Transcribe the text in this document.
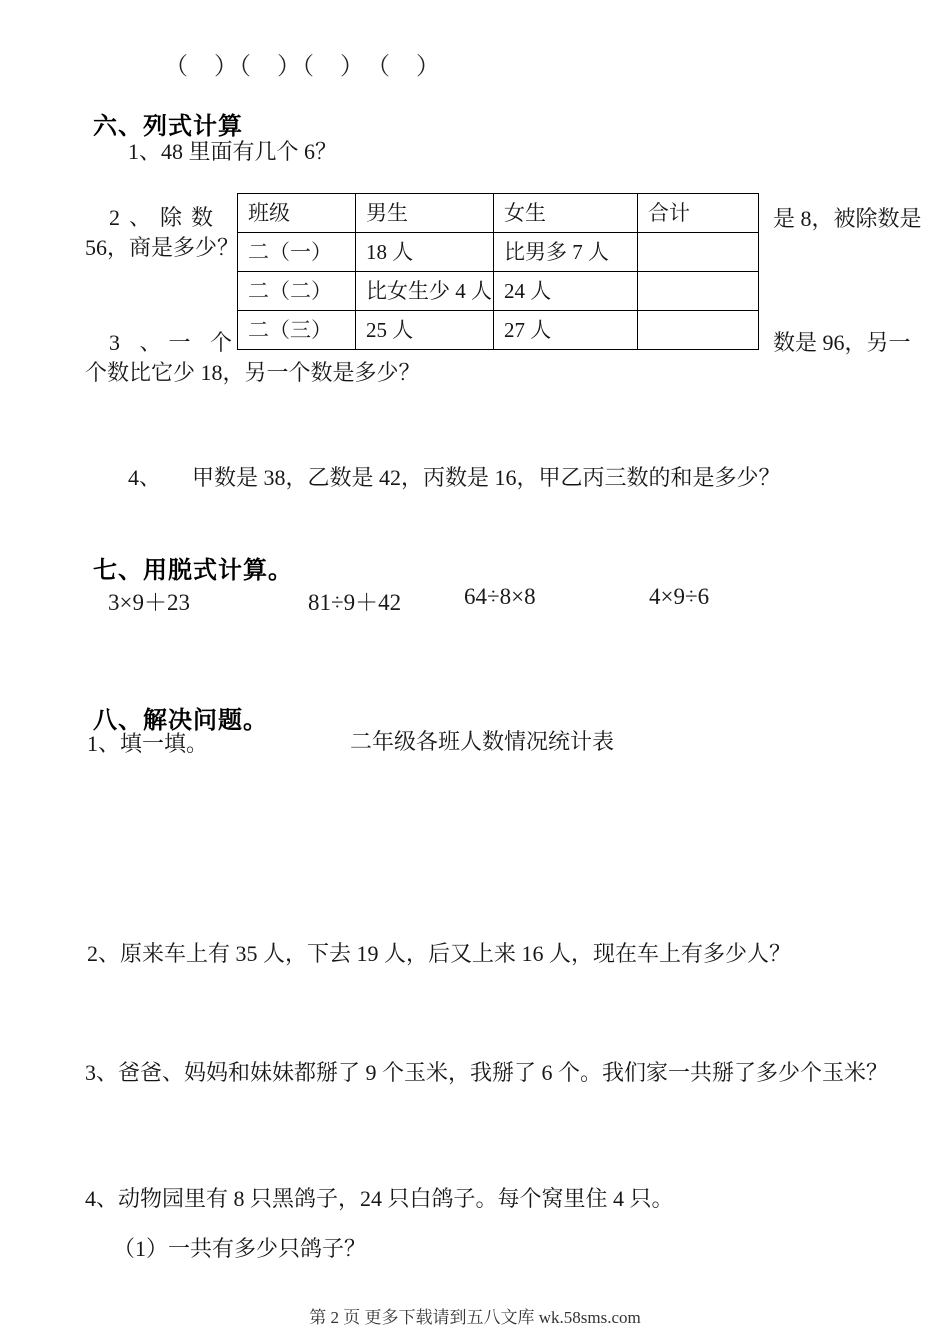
（　）（　）（　）　（　）
六、列式计算
1、48 里面有几个 6？
班级	男生	女生	合计
二（一）	18 人	比男多 7 人	
二（二）	比女生少 4 人	24 人	
二（三）	25 人	27 人	
2、除数	是 8，被除数是
56，商是多少？
3 、一 个	数是 96，另一
个数比它少 18，另一个数是多少？
4、 甲数是 38，乙数是 42，丙数是 16，甲乙丙三数的和是多少？
七、用脱式计算。
3×9＋23	81÷9＋42	64÷8×8	4×9÷6
八、解决问题。
1、填一填。	二年级各班人数情况统计表
2、原来车上有 35 人，下去 19 人，后又上来 16 人，现在车上有多少人？
3、爸爸、妈妈和妹妹都掰了 9 个玉米，我掰了 6 个。我们家一共掰了多少个玉米？
4、动物园里有 8 只黑鸽子，24 只白鸽子。每个窝里住 4 只。
（1）一共有多少只鸽子？
第 2 页 更多下载请到五八文库 wk.58sms.com
